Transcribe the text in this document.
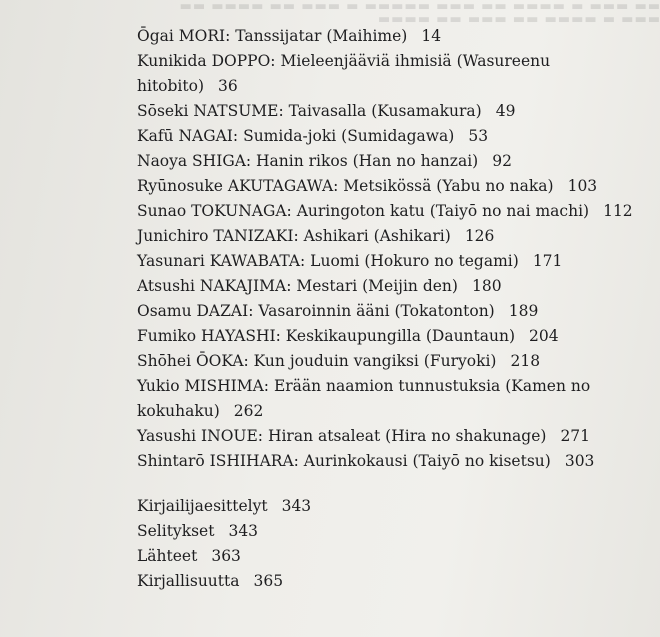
▬▬ ▬▬▬ ▬ ▬▬▬▬ ▬▬ ▬▬▬ ▬▬▬▬▬ ▬ ▬▬▬ ▬▬ ▬▬▬▬ ▬▬ ▬▬▬ ▬ ▬▬▬▬ ▬▬ ▬▬▬ ▬▬ ▬▬▬▬
Ōgai MORI: Tanssijatar (Maihime) 14
Kunikida DOPPO: Mieleenjääviä ihmisiä (Wasureenu hitobito) 36
Sōseki NATSUME: Taivasalla (Kusamakura) 49
Kafū NAGAI: Sumida-joki (Sumidagawa) 53
Naoya SHIGA: Hanin rikos (Han no hanzai) 92
Ryūnosuke AKUTAGAWA: Metsikössä (Yabu no naka) 103
Sunao TOKUNAGA: Auringoton katu (Taiyō no nai machi) 112
Junichiro TANIZAKI: Ashikari (Ashikari) 126
Yasunari KAWABATA: Luomi (Hokuro no tegami) 171
Atsushi NAKAJIMA: Mestari (Meijin den) 180
Osamu DAZAI: Vasaroinnin ääni (Tokatonton) 189
Fumiko HAYASHI: Keskikaupungilla (Dauntaun) 204
Shōhei ŌOKA: Kun jouduin vangiksi (Furyoki) 218
Yukio MISHIMA: Erään naamion tunnustuksia (Kamen no kokuhaku) 262
Yasushi INOUE: Hiran atsaleat (Hira no shakunage) 271
Shintarō ISHIHARA: Aurinkokausi (Taiyō no kisetsu) 303
Kirjailijaesittelyt 343
Selitykset 343
Lähteet 363
Kirjallisuutta 365
